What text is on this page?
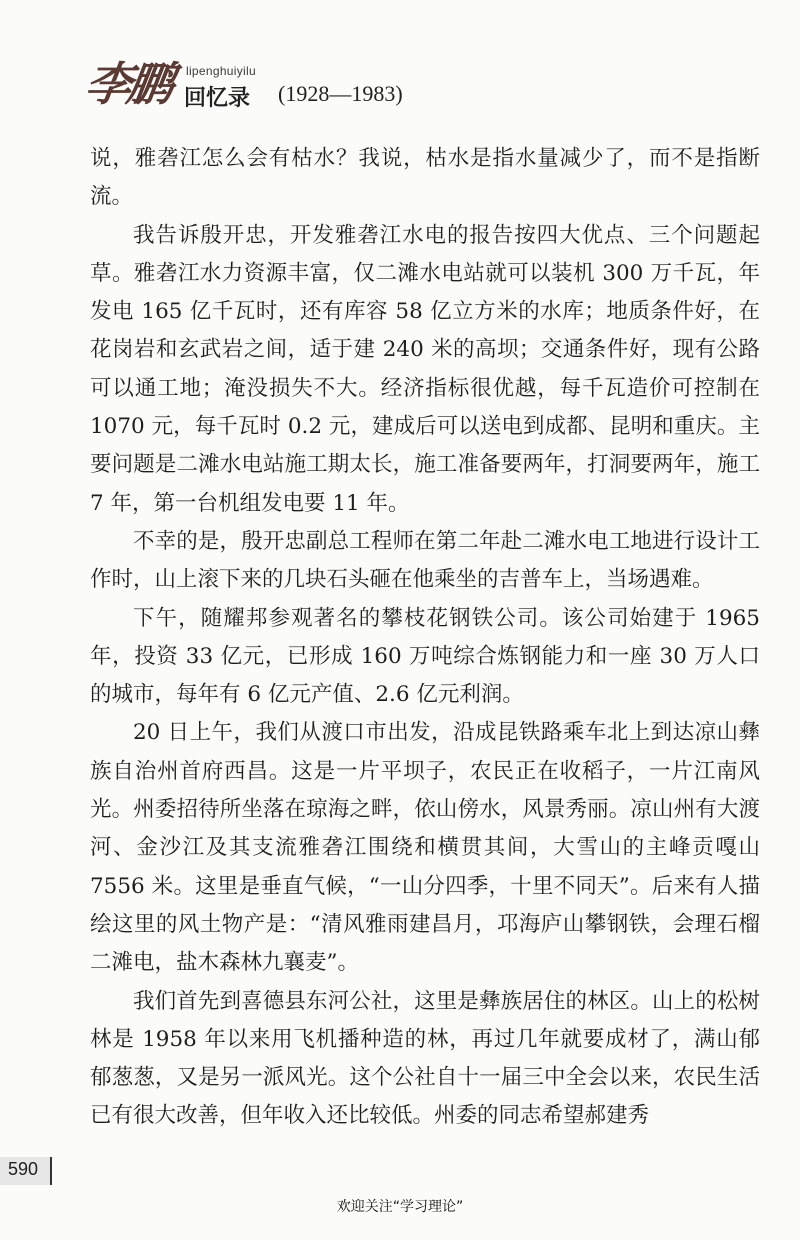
李鹏 lipenghuiyilu
回忆录 (1928—1983)

说，雅砻江怎么会有枯水？我说，枯水是指水量减少了，而不是指断流。

我告诉殷开忠，开发雅砻江水电的报告按四大优点、三个问题起草。雅砻江水力资源丰富，仅二滩水电站就可以装机 300 万千瓦，年发电 165 亿千瓦时，还有库容 58 亿立方米的水库；地质条件好，在花岗岩和玄武岩之间，适于建 240 米的高坝；交通条件好，现有公路可以通工地；淹没损失不大。经济指标很优越，每千瓦造价可控制在 1070 元，每千瓦时 0.2 元，建成后可以送电到成都、昆明和重庆。主要问题是二滩水电站施工期太长，施工准备要两年，打洞要两年，施工 7 年，第一台机组发电要 11 年。

不幸的是，殷开忠副总工程师在第二年赴二滩水电工地进行设计工作时，山上滚下来的几块石头砸在他乘坐的吉普车上，当场遇难。

下午，随耀邦参观著名的攀枝花钢铁公司。该公司始建于 1965 年，投资 33 亿元，已形成 160 万吨综合炼钢能力和一座 30 万人口的城市，每年有 6 亿元产值、2.6 亿元利润。

20 日上午，我们从渡口市出发，沿成昆铁路乘车北上到达凉山彝族自治州首府西昌。这是一片平坝子，农民正在收稻子，一片江南风光。州委招待所坐落在琼海之畔，依山傍水，风景秀丽。凉山州有大渡河、金沙江及其支流雅砻江围绕和横贯其间，大雪山的主峰贡嘎山 7556 米。这里是垂直气候，“一山分四季，十里不同天”。后来有人描绘这里的风土物产是：“清风雅雨建昌月，邛海庐山攀钢铁，会理石榴二滩电，盐木森林九襄麦”。

我们首先到喜德县东河公社，这里是彝族居住的林区。山上的松树林是 1958 年以来用飞机播种造的林，再过几年就要成材了，满山郁郁葱葱，又是另一派风光。这个公社自十一届三中全会以来，农民生活已有很大改善，但年收入还比较低。州委的同志希望郝建秀

590
欢迎关注“学习理论”
